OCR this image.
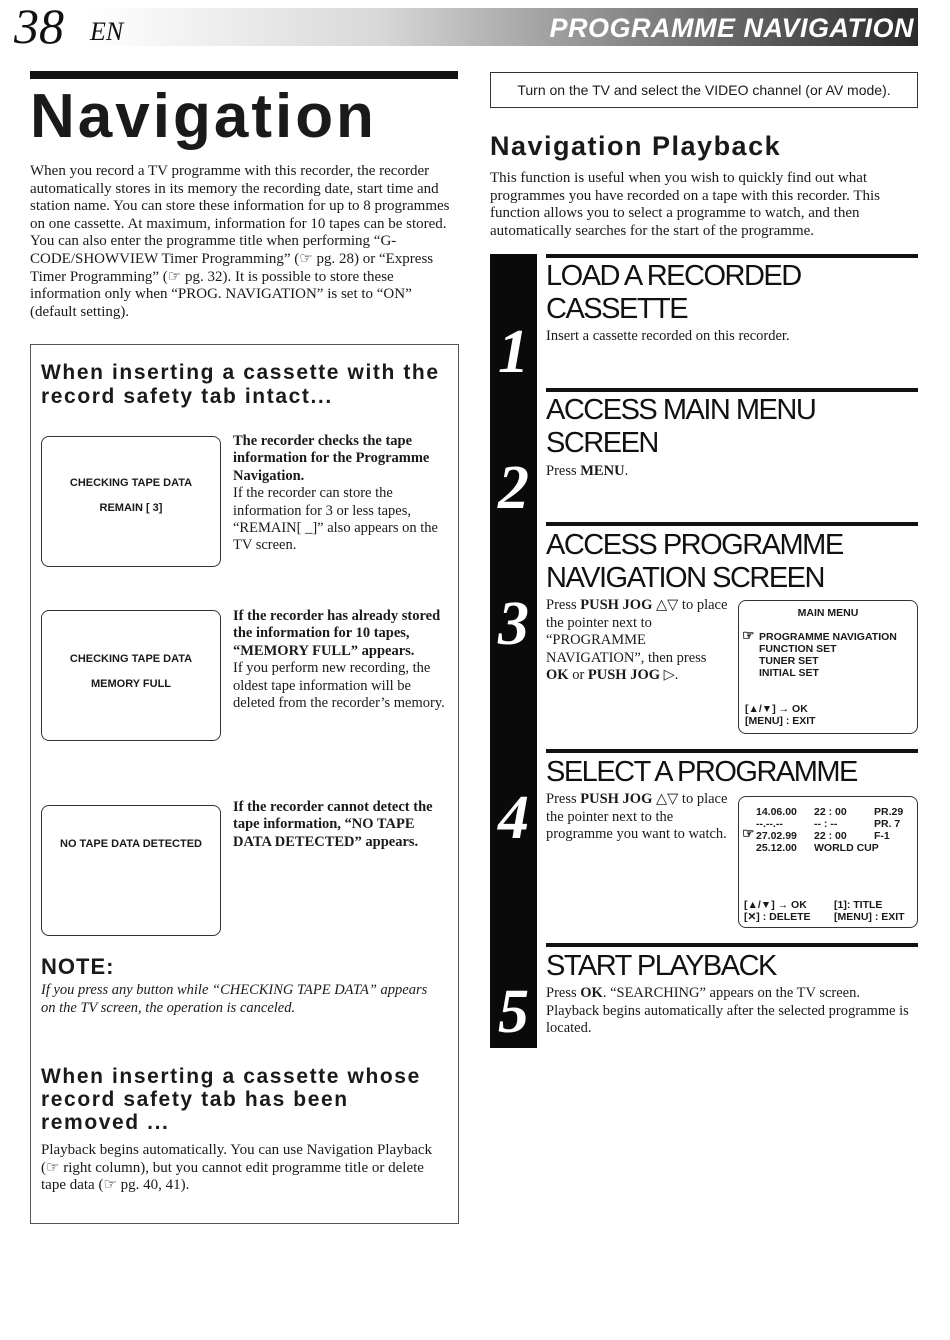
38 EN	PROGRAMME NAVIGATION
Navigation
When you record a TV programme with this recorder, the recorder automatically stores in its memory the recording date, start time and station name. You can store these information for up to 8 programmes on one cassette. At maximum, information for 10 tapes can be stored. You can also enter the programme title when performing “G-CODE/SHOWVIEW Timer Programming” (☞ pg. 28) or “Express Timer Programming” (☞ pg. 32). It is possible to store these information only when “PROG. NAVIGATION” is set to “ON” (default setting).
When inserting a cassette with the record safety tab intact...
CHECKING TAPE DATA
REMAIN [ 3]
The recorder checks the tape information for the Programme Navigation.
If the recorder can store the information for 3 or less tapes, “REMAIN[ _]” also appears on the TV screen.
CHECKING TAPE DATA
MEMORY FULL
If the recorder has already stored the information for 10 tapes, “MEMORY FULL” appears.
If you perform new recording, the oldest tape information will be deleted from the recorder’s memory.
NO TAPE DATA DETECTED
If the recorder cannot detect the tape information, “NO TAPE DATA DETECTED” appears.
NOTE:
If you press any button while “CHECKING TAPE DATA” appears on the TV screen, the operation is canceled.
When inserting a cassette whose record safety tab has been removed ...
Playback begins automatically. You can use Navigation Playback (☞ right column), but you cannot edit programme title or delete tape data (☞ pg. 40, 41).
Turn on the TV and select the VIDEO channel (or AV mode).
Navigation Playback
This function is useful when you wish to quickly find out what programmes you have recorded on a tape with this recorder. This function allows you to select a programme to watch, and then automatically searches for the start of the programme.
1
2
3
4
5
LOAD A RECORDED CASSETTE
Insert a cassette recorded on this recorder.
ACCESS MAIN MENU SCREEN
Press MENU.
ACCESS PROGRAMME NAVIGATION SCREEN
Press PUSH JOG △▽ to place the pointer next to “PROGRAMME NAVIGATION”, then press OK or PUSH JOG ▷.
MAIN MENU
☞ PROGRAMME NAVIGATION
FUNCTION SET
TUNER SET
INITIAL SET
[▲/▼] → OK
[MENU] : EXIT
SELECT A PROGRAMME
Press PUSH JOG △▽ to place the pointer next to the programme you want to watch.
14.06.00 22 : 00	PR.29
--.--.--	-- : --	PR. 7
☞ 27.02.99 22 : 00	F-1
25.12.00 WORLD CUP
[▲/▼] → OK
[✕] : DELETE
[1]: TITLE
[MENU] : EXIT
START PLAYBACK
Press OK. “SEARCHING” appears on the TV screen. Playback begins automatically after the selected programme is located.
